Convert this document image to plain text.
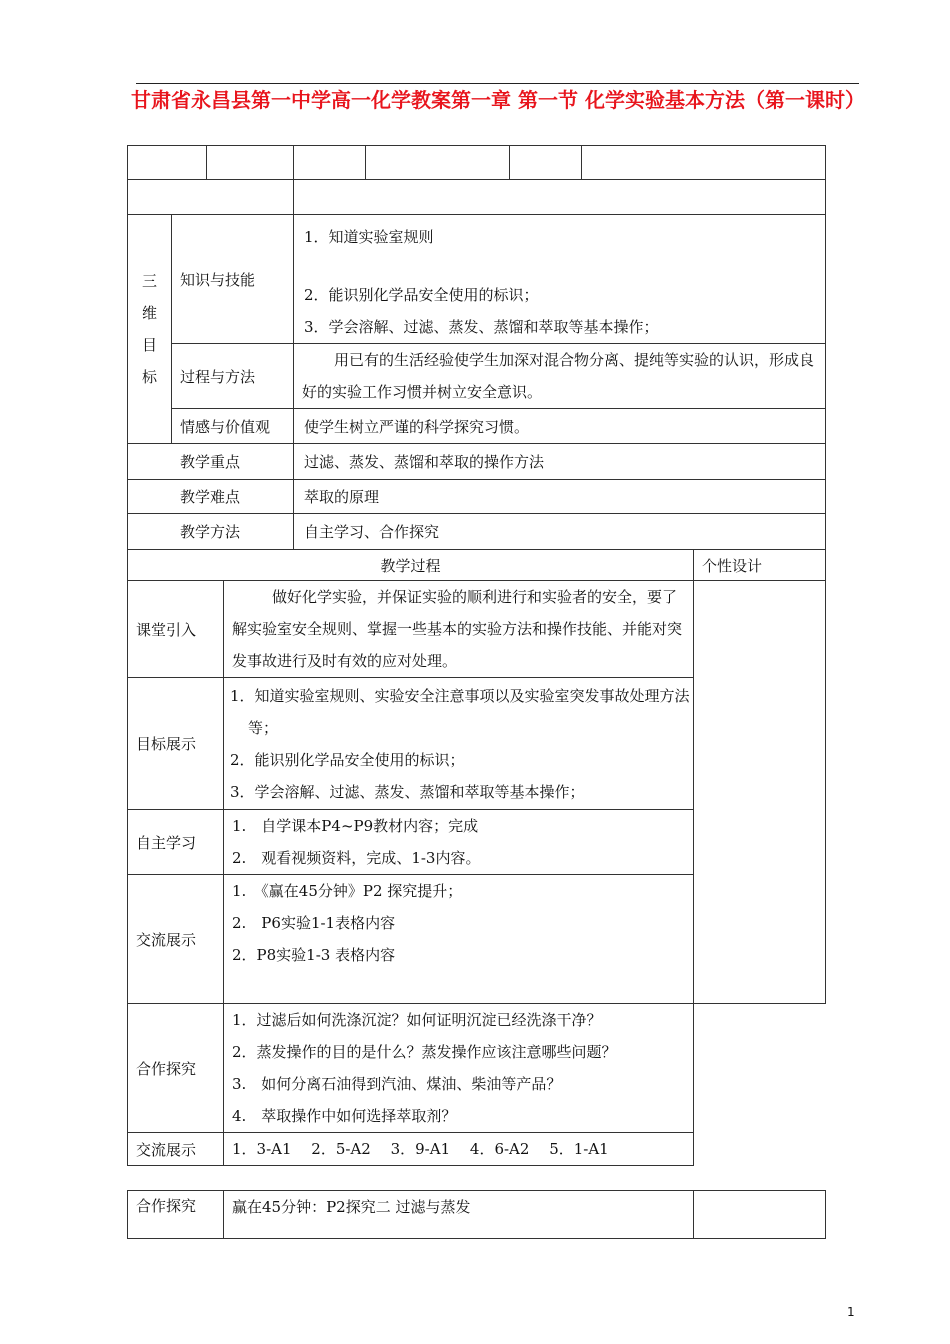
甘肃省永昌县第一中学高一化学教案第一章 第一节 化学实验基本方法（第一课时）

三维目标	知识与技能		1．知道实验室规则

2．能识别化学品安全使用的标识；

3．学会溶解、过滤、蒸发、蒸馏和萃取等基本操作；			

	过程与方法		用已有的生活经验使学生加深对混合物分离、提纯等实验的认识，形成良好的实验工作习惯并树立安全意识。			
	情感与价值观		使学生树立严谨的科学探究习惯。			
教学重点			过滤、蒸发、蒸馏和萃取的操作方法			
教学难点			萃取的原理			
教学方法			自主学习、合作探究			
教学过程		个性设计
课堂引入	做好化学实验，并保证实验的顺利进行和实验者的安全，要了解实验室安全规则、掌握一些基本的实验方法和操作技能、并能对突发事故进行及时有效的应对处理。	
目标展示	1．知道实验室规则、实验安全注意事项以及实验室突发事故处理方法等；

2．能识别化学品安全使用的标识；

3．学会溶解、过滤、蒸发、蒸馏和萃取等基本操作；	

自主学习	1.　自学课本P4~P9教材内容；完成

2.　观看视频资料，完成、1-3内容。	

交流展示	1.　《赢在45分钟》P2 探究提升；

2.　P6实验1-1表格内容

2．P8实验1-3 表格内容	

合作探究	1．过滤后如何洗涤沉淀？如何证明沉淀已经洗涤干净？

2．蒸发操作的目的是什么？蒸发操作应该注意哪些问题？

3.　如何分离石油得到汽油、煤油、柴油等产品？

4.　萃取操作中如何选择萃取剂？	

交流展示	1．3-A1　 2．5-A2　 3．9-A1　 4．6-A2　 5．1-A1	
合作探究	赢在45分钟：P2探究二 过滤与蒸发	
1
